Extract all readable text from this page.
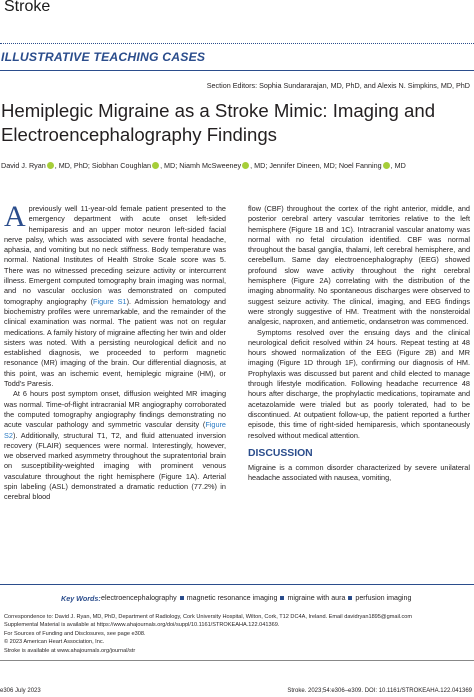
Stroke
ILLUSTRATIVE TEACHING CASES
Section Editors: Sophia Sundararajan, MD, PhD, and Alexis N. Simpkins, MD, PhD
Hemiplegic Migraine as a Stroke Mimic: Imaging and Electroencephalography Findings
David J. Ryan , MD, PhD; Siobhan Coughlan , MD; Niamh McSweeney , MD; Jennifer Dineen, MD; Noel Fanning , MD

Apreviously well 11-year-old female patient presented to the emergency department with acute onset left-sided hemiparesis and an upper motor neuron left-sided facial nerve palsy, which was associated with severe frontal headache, aphasia, and vomiting but no neck stiffness. Body temperature was normal. National Institutes of Health Stroke Scale score was 5. There was no witnessed preceding seizure activity or intercurrent illness. Emergent computed tomography brain imaging was normal, and no vascular occlusion was demonstrated on computed tomography angiography (Figure S1). Admission hematology and biochemistry profiles were unremarkable, and the remainder of the clinical examination was normal. The patient was not on regular medications. A family history of migraine affecting her twin and older sisters was noted. With a persisting neurological deficit and no established diagnosis, we proceeded to perform magnetic resonance (MR) imaging of the brain. Our differential diagnosis, at this point, was an ischemic event, hemiplegic migraine (HM), or Todd’s Paresis.

At 6 hours post symptom onset, diffusion weighted MR imaging was normal. Time-of-flight intracranial MR angiography corroborated the computed tomography angiography findings demonstrating no acute vascular pathology and symmetric vascular density (Figure S2). Additionally, structural T1, T2, and fluid attenuated inversion recovery (FLAIR) sequences were normal. Interestingly, however, we observed marked asymmetry throughout the supratentorial brain on susceptibility-weighted imaging with prominent venous vasculature throughout the right hemisphere (Figure 1A). Arterial spin labeling (ASL) demonstrated a dramatic reduction (77.2%) in cerebral blood

flow (CBF) throughout the cortex of the right anterior, middle, and posterior cerebral artery vascular territories relative to the left hemisphere (Figure 1B and 1C). Intracranial vascular anatomy was normal with no fetal circulation identified. CBF was normal throughout the basal ganglia, thalami, left cerebral hemisphere, and cerebellum. Same day electroencephalography (EEG) showed profound slow wave activity throughout the right cerebral hemisphere (Figure 2A) correlating with the distribution of the imaging abnormality. No spontaneous discharges were observed to suggest seizure activity. The clinical, imaging, and EEG findings were strongly suggestive of HM. Treatment with the nonsteroidal analgesic, naproxen, and antiemetic, ondansetron was commenced.

Symptoms resolved over the ensuing days and the clinical neurological deficit resolved within 24 hours. Repeat testing at 48 hours showed normalization of the EEG (Figure 2B) and MR imaging (Figure 1D through 1F), confirming our diagnosis of HM. Prophylaxis was discussed but parent and child elected to manage through lifestyle modification. Following headache recurrence 48 hours after discharge, the prophylactic medications, topiramate and acetazolamide were trialed but as poorly tolerated, had to be discontinued. At outpatient follow-up, the patient reported a further episode, this time of right-sided hemiparesis, which spontaneously resolved without medical attention.

DISCUSSION

Migraine is a common disorder characterized by severe unilateral headache associated with nausea, vomiting,

Key Words: electroencephalography magnetic resonance imaging migraine with aura perfusion imaging
Correspondence to: David J. Ryan, MD, PhD, Department of Radiology, Cork University Hospital, Wilton, Cork, T12 DC4A, Ireland. Email davidryan1895@gmail.com
Supplemental Material is available at https://www.ahajournals.org/doi/suppl/10.1161/STROKEAHA.122.041369.
For Sources of Funding and Disclosures, see page e308.
© 2023 American Heart Association, Inc.
Stroke is available at www.ahajournals.org/journal/str
e306 July 2023	Stroke. 2023;54:e306–e309. DOI: 10.1161/STROKEAHA.122.041369
